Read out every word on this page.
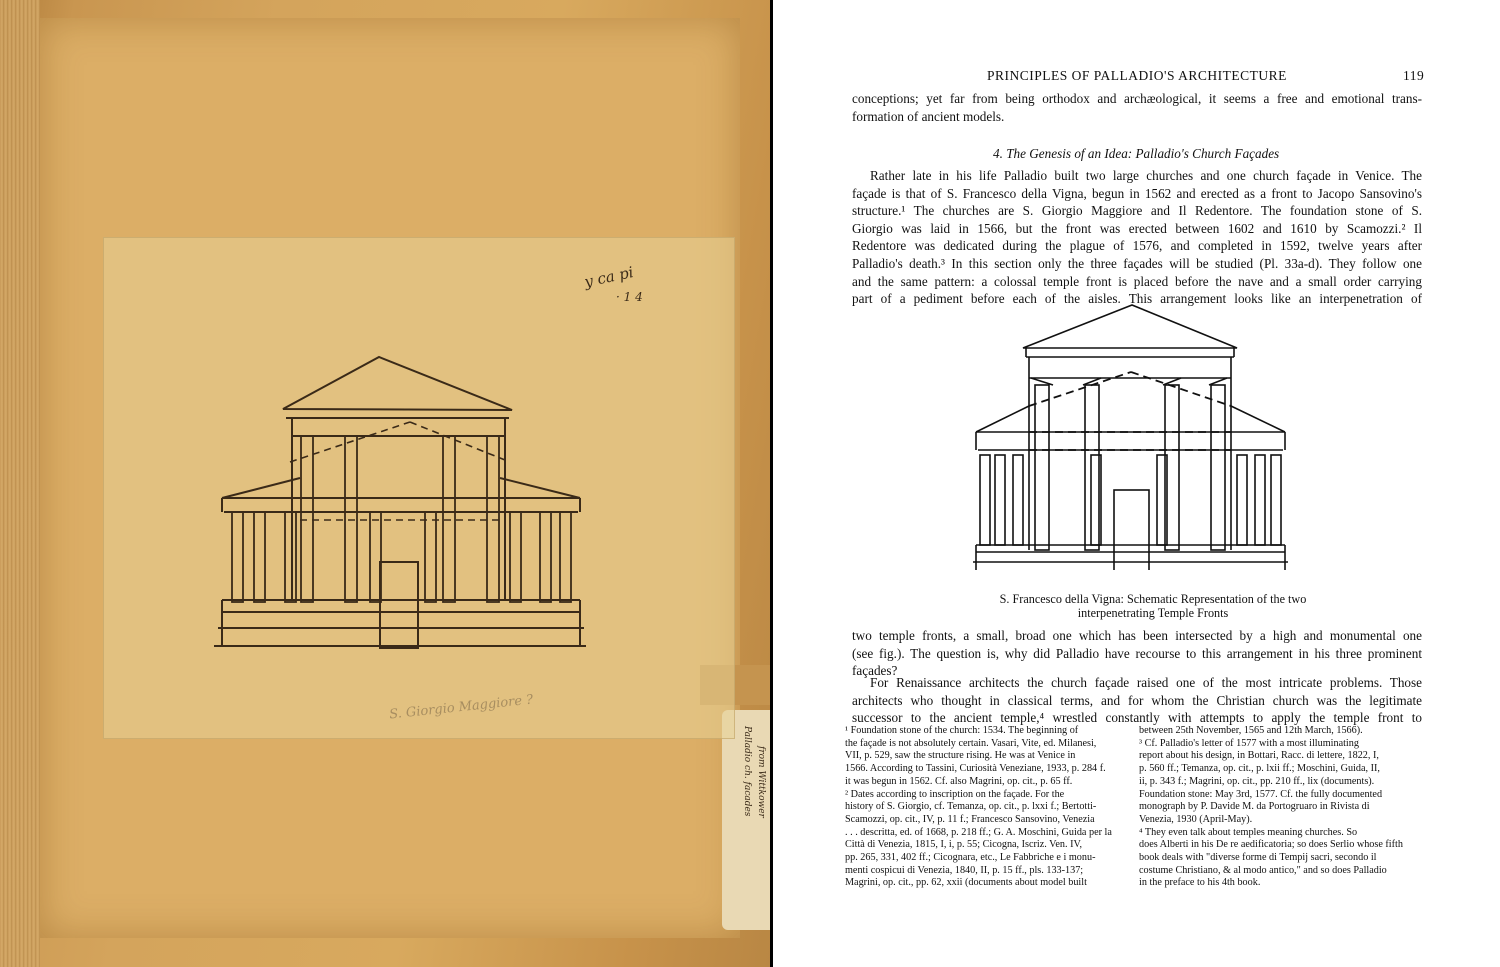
Palladio ch. facades from Wittkower
y ca pi
· 1 4
S. Giorgio Maggiore ?
PRINCIPLES OF PALLADIO'S ARCHITECTURE	119

conceptions; yet far from being orthodox and archæological, it seems a free and emotional trans-
formation of ancient models.

4. The Genesis of an Idea: Palladio's Church Façades

Rather late in his life Palladio built two large churches and one church façade in Venice. The
façade is that of S. Francesco della Vigna, begun in 1562 and erected as a front to Jacopo Sansovino's
structure.¹ The churches are S. Giorgio Maggiore and Il Redentore. The foundation stone of S.
Giorgio was laid in 1566, but the front was erected between 1602 and 1610 by Scamozzi.² Il
Redentore was dedicated during the plague of 1576, and completed in 1592, twelve years after
Palladio's death.³ In this section only the three façades will be studied (Pl. 33a-d). They follow one
and the same pattern: a colossal temple front is placed before the nave and a small order carrying
part of a pediment before each of the aisles. This arrangement looks like an interpenetration of

S. Francesco della Vigna: Schematic Representation of the two
interpenetrating Temple Fronts

two temple fronts, a small, broad one which has been intersected by a high and monumental one
(see fig.). The question is, why did Palladio have recourse to this arrangement in his three prominent
façades?

For Renaissance architects the church façade raised one of the most intricate problems. Those
architects who thought in classical terms, and for whom the Christian church was the legitimate
successor to the ancient temple,⁴ wrestled constantly with attempts to apply the temple front to

¹ Foundation stone of the church: 1534. The beginning of
the façade is not absolutely certain. Vasari, Vite, ed. Milanesi,
VII, p. 529, saw the structure rising. He was at Venice in
1566. According to Tassini, Curiosità Veneziane, 1933, p. 284 f.
it was begun in 1562. Cf. also Magrini, op. cit., p. 65 ff.
² Dates according to inscription on the façade. For the
history of S. Giorgio, cf. Temanza, op. cit., p. lxxi f.; Bertotti-
Scamozzi, op. cit., IV, p. 11 f.; Francesco Sansovino, Venezia
. . . descritta, ed. of 1668, p. 218 ff.; G. A. Moschini, Guida per la
Città di Venezia, 1815, I, i, p. 55; Cicogna, Iscriz. Ven. IV,
pp. 265, 331, 402 ff.; Cicognara, etc., Le Fabbriche e i monu-
menti cospicui di Venezia, 1840, II, p. 15 ff., pls. 133-137;
Magrini, op. cit., pp. 62, xxii (documents about model built
between 25th November, 1565 and 12th March, 1566).
³ Cf. Palladio's letter of 1577 with a most illuminating
report about his design, in Bottari, Racc. di lettere, 1822, I,
p. 560 ff.; Temanza, op. cit., p. lxii ff.; Moschini, Guida, II,
ii, p. 343 f.; Magrini, op. cit., pp. 210 ff., lix (documents).
Foundation stone: May 3rd, 1577. Cf. the fully documented
monograph by P. Davide M. da Portogruaro in Rivista di
Venezia, 1930 (April-May).
⁴ They even talk about temples meaning churches. So
does Alberti in his De re aedificatoria; so does Serlio whose fifth
book deals with "diverse forme di Tempij sacri, secondo il
costume Christiano, & al modo antico," and so does Palladio
in the preface to his 4th book.
